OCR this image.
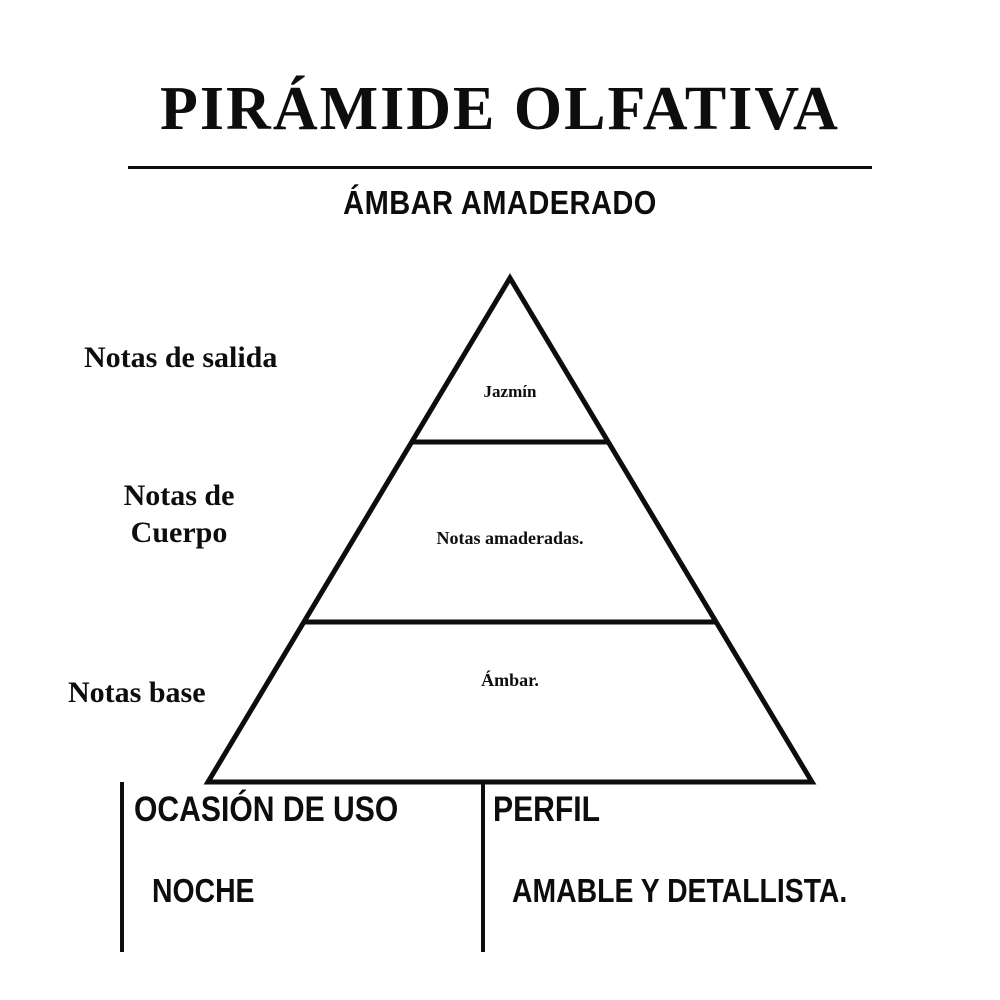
PIRÁMIDE OLFATIVA
ÁMBAR AMADERADO
Notas de salida
Notas de Cuerpo
Notas base
Jazmín
Notas amaderadas.
Ámbar.
OCASIÓN DE USO
NOCHE
PERFIL
AMABLE Y DETALLISTA.
